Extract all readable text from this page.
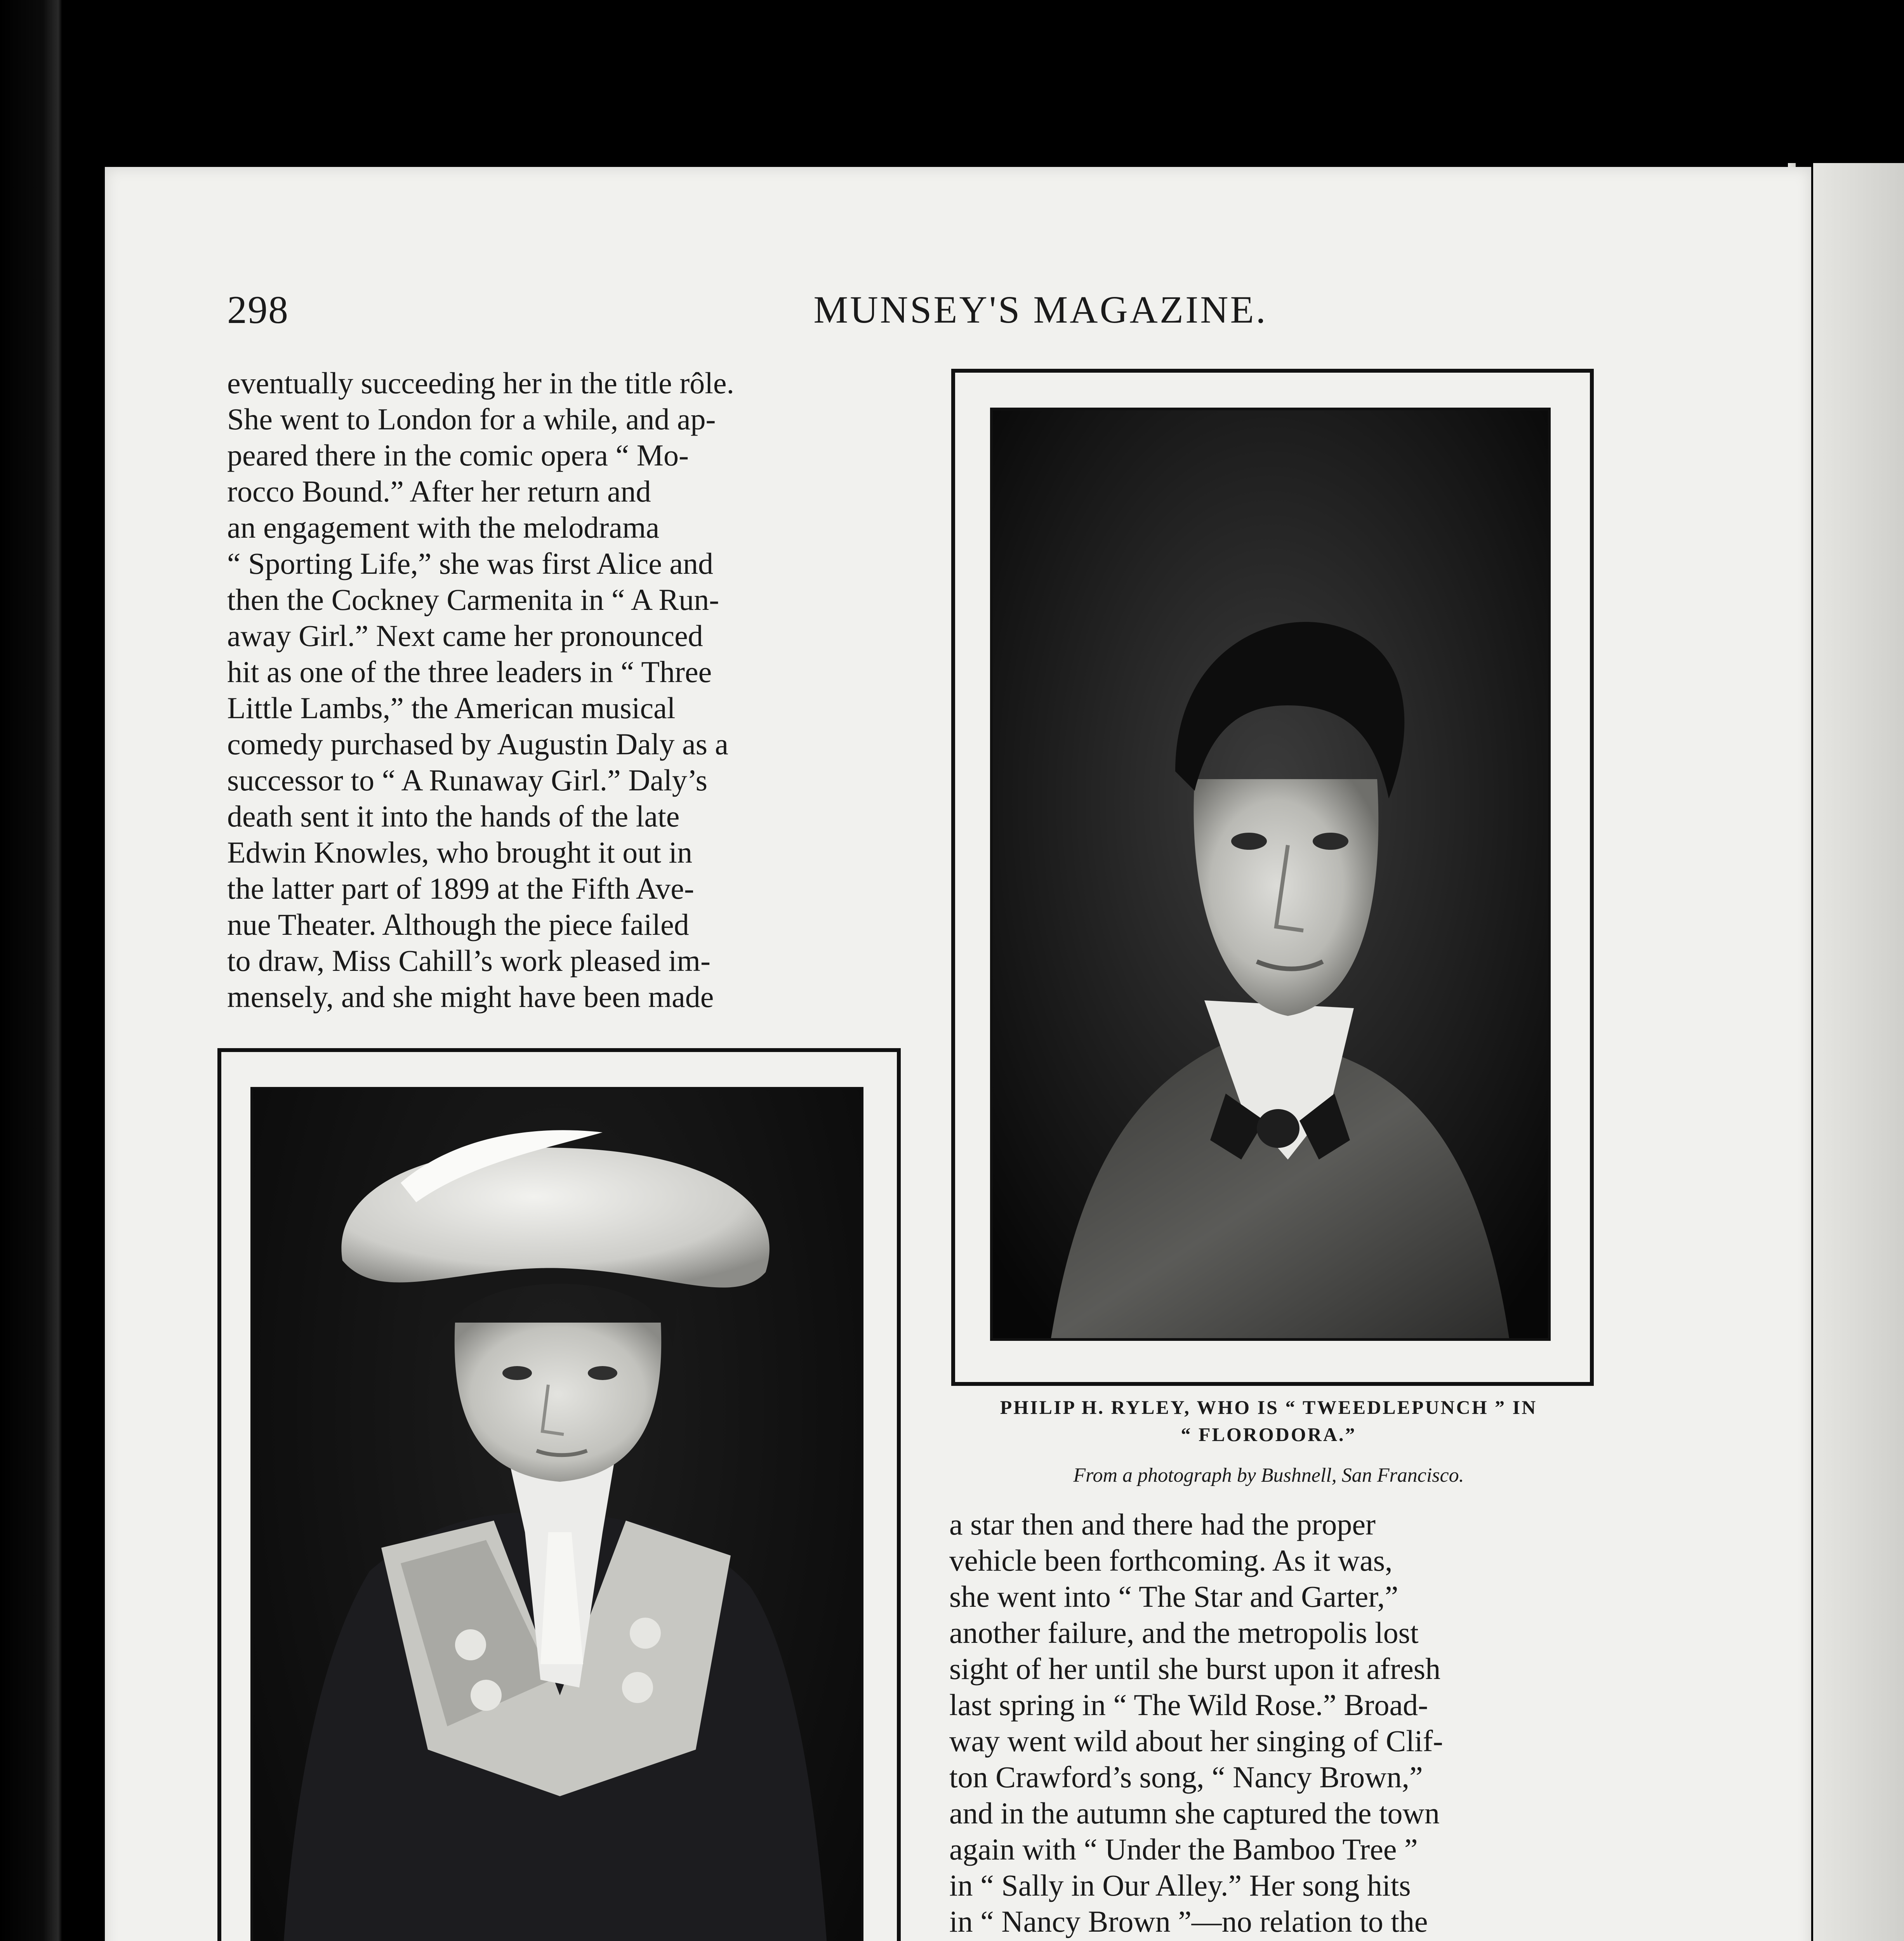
298	MUNSEY'S MAGAZINE.

eventually succeeding her in the title rôle.

She went to London for a while, and ap-

peared there in the comic opera “ Mo-

rocco Bound.” After her return and

an engagement with the melodrama

“ Sporting Life,” she was first Alice and

then the Cockney Carmenita in “ A Run-

away Girl.” Next came her pronounced

hit as one of the three leaders in “ Three

Little Lambs,” the American musical

comedy purchased by Augustin Daly as a

successor to “ A Runaway Girl.” Daly’s

death sent it into the hands of the late

Edwin Knowles, who brought it out in

the latter part of 1899 at the Fifth Ave-

nue Theater. Although the piece failed

to draw, Miss Cahill’s work pleased im-

mensely, and she might have been made

PHILIP H. RYLEY, WHO IS “ TWEEDLEPUNCH ” IN
“ FLORODORA.”
From a photograph by Bushnell, San Francisco.

a star then and there had the proper

vehicle been forthcoming. As it was,

she went into “ The Star and Garter,”

another failure, and the metropolis lost

sight of her until she burst upon it afresh

last spring in “ The Wild Rose.” Broad-

way went wild about her singing of Clif-

ton Crawford’s song, “ Nancy Brown,”

and in the autumn she captured the town

again with “ Under the Bamboo Tree ”

in “ Sally in Our Alley.” Her song hits

in “ Nancy Brown ”—no relation to the
